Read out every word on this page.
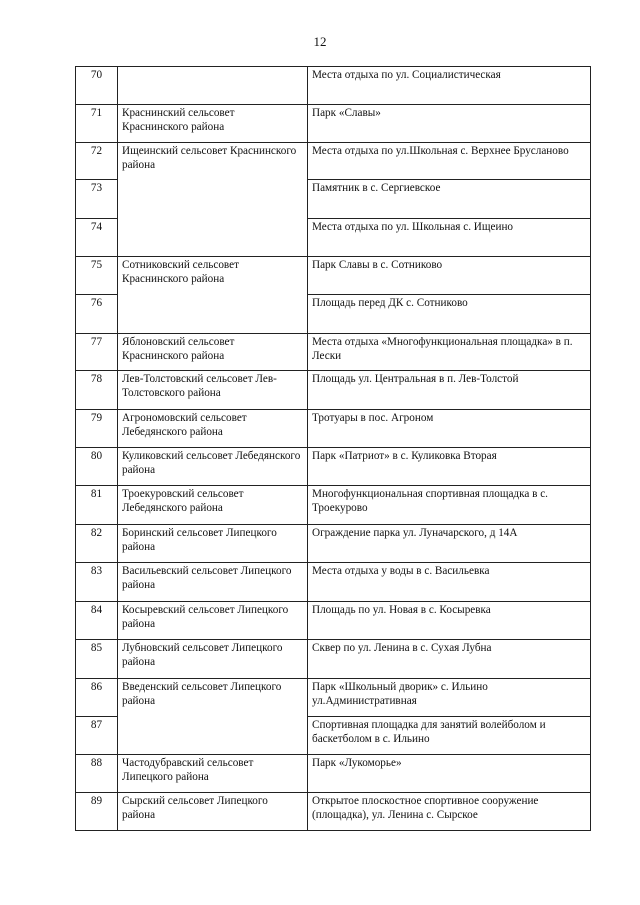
12
70		Места отдыха по ул. Социалистическая
71	Краснинский сельсовет Краснинского района	Парк «Славы»
72	Ищеинский сельсовет Краснинского района	Места отдыха по ул.Школьная с. Верхнее Брусланово
73		Памятник в с. Сергиевское
74		Места отдыха по ул. Школьная с. Ищеино
75	Сотниковский сельсовет Краснинского района	Парк Славы в с. Сотниково
76		Площадь перед ДК с. Сотниково
77	Яблоновский сельсовет Краснинского района	Места отдыха «Многофункциональная площадка» в п. Лески
78	Лев-Толстовский сельсовет Лев-Толстовского района	Площадь ул. Центральная в п. Лев-Толстой
79	Агрономовский сельсовет Лебедянского района	Тротуары в пос. Агроном
80	Куликовский сельсовет Лебедянского района	Парк «Патриот» в с. Куликовка Вторая
81	Троекуровский сельсовет Лебедянского района	Многофункциональная спортивная площадка в с. Троекурово
82	Боринский сельсовет Липецкого района	Ограждение парка ул. Луначарского, д 14А
83	Васильевский сельсовет Липецкого района	Места отдыха у воды в с. Васильевка
84	Косыревский сельсовет Липецкого района	Площадь по ул. Новая в с. Косыревка
85	Лубновский сельсовет Липецкого района	Сквер по ул. Ленина в с. Сухая Лубна
86	Введенский сельсовет Липецкого района	Парк «Школьный дворик» с. Ильино ул.Административная
87		Спортивная площадка для занятий волейболом и баскетболом в с. Ильино
88	Частодубравский сельсовет Липецкого района	Парк «Лукоморье»
89	Сырский сельсовет Липецкого района	Открытое плоскостное спортивное сооружение (площадка), ул. Ленина с. Сырское
